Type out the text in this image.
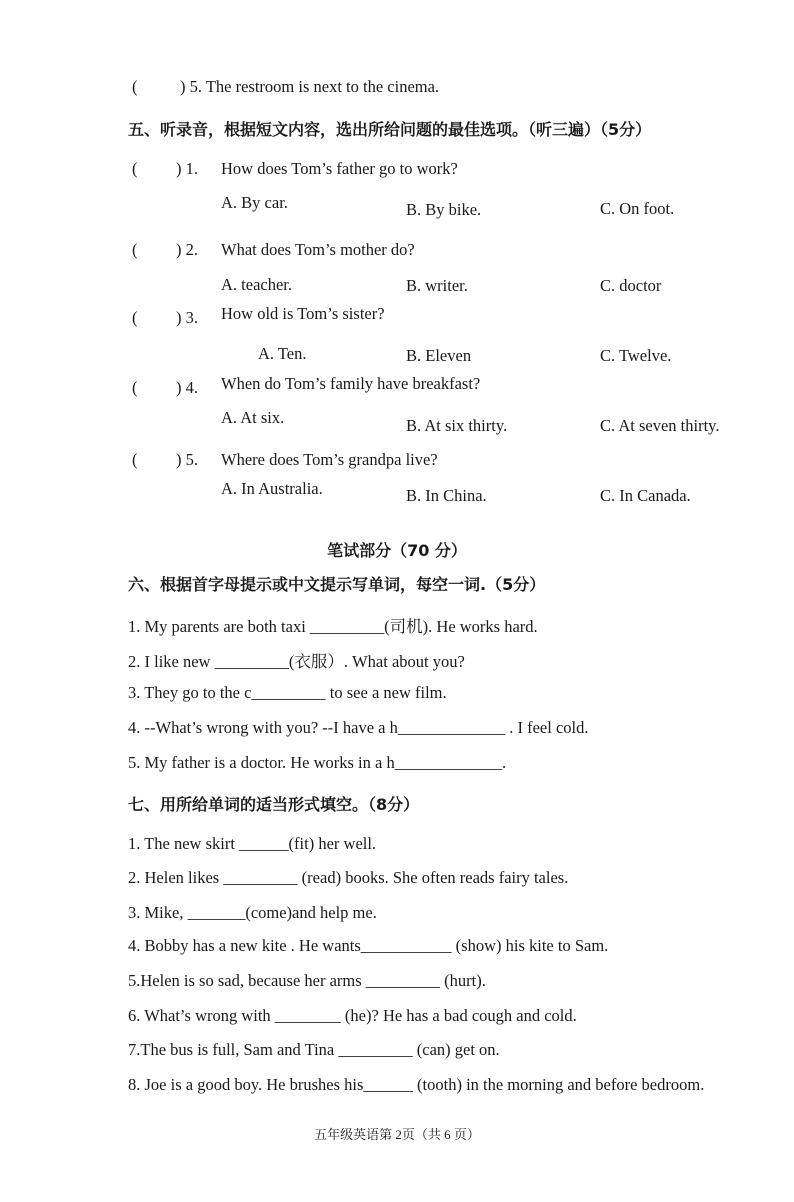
(	) 5. The restroom is next to the cinema.
五、听录音，根据短文内容，选出所给问题的最佳选项。（听三遍）（5分）
( ) 1. How does Tom’s father go to work?
A. By car.	B. By bike.	C. On foot.
( ) 2. What does Tom’s mother do?
A. teacher.	B. writer.	C. doctor
( ) 3. How old is Tom’s sister?
A. Ten.	B. Eleven	C. Twelve.
( ) 4. When do Tom’s family have breakfast?
A. At six.	B. At six thirty.	C. At seven thirty.
( ) 5. Where does Tom’s grandpa live?
A. In Australia.	B. In China.	C. In Canada.
笔试部分（70 分）
六、根据首字母提示或中文提示写单词，每空一词.（5分）
1. My parents are both taxi _________(司机). He works hard.
2. I like new _________(衣服）. What about you?
3. They go to the c_________ to see a new film.
4. --What’s wrong with you? --I have a h_____________ . I feel cold.
5. My father is a doctor. He works in a h_____________.
七、用所给单词的适当形式填空。（8分）
1. The new skirt ______(fit) her well.
2. Helen likes _________ (read) books. She often reads fairy tales.
3. Mike, _______(come)and help me.
4. Bobby has a new kite . He wants___________ (show) his kite to Sam.
5.Helen is so sad, because her arms _________ (hurt).
6. What’s wrong with ________ (he)? He has a bad cough and cold.
7.The bus is full, Sam and Tina _________ (can) get on.
8. Joe is a good boy. He brushes his______ (tooth) in the morning and before bedroom.
五年级英语第 2页（共 6 页）
